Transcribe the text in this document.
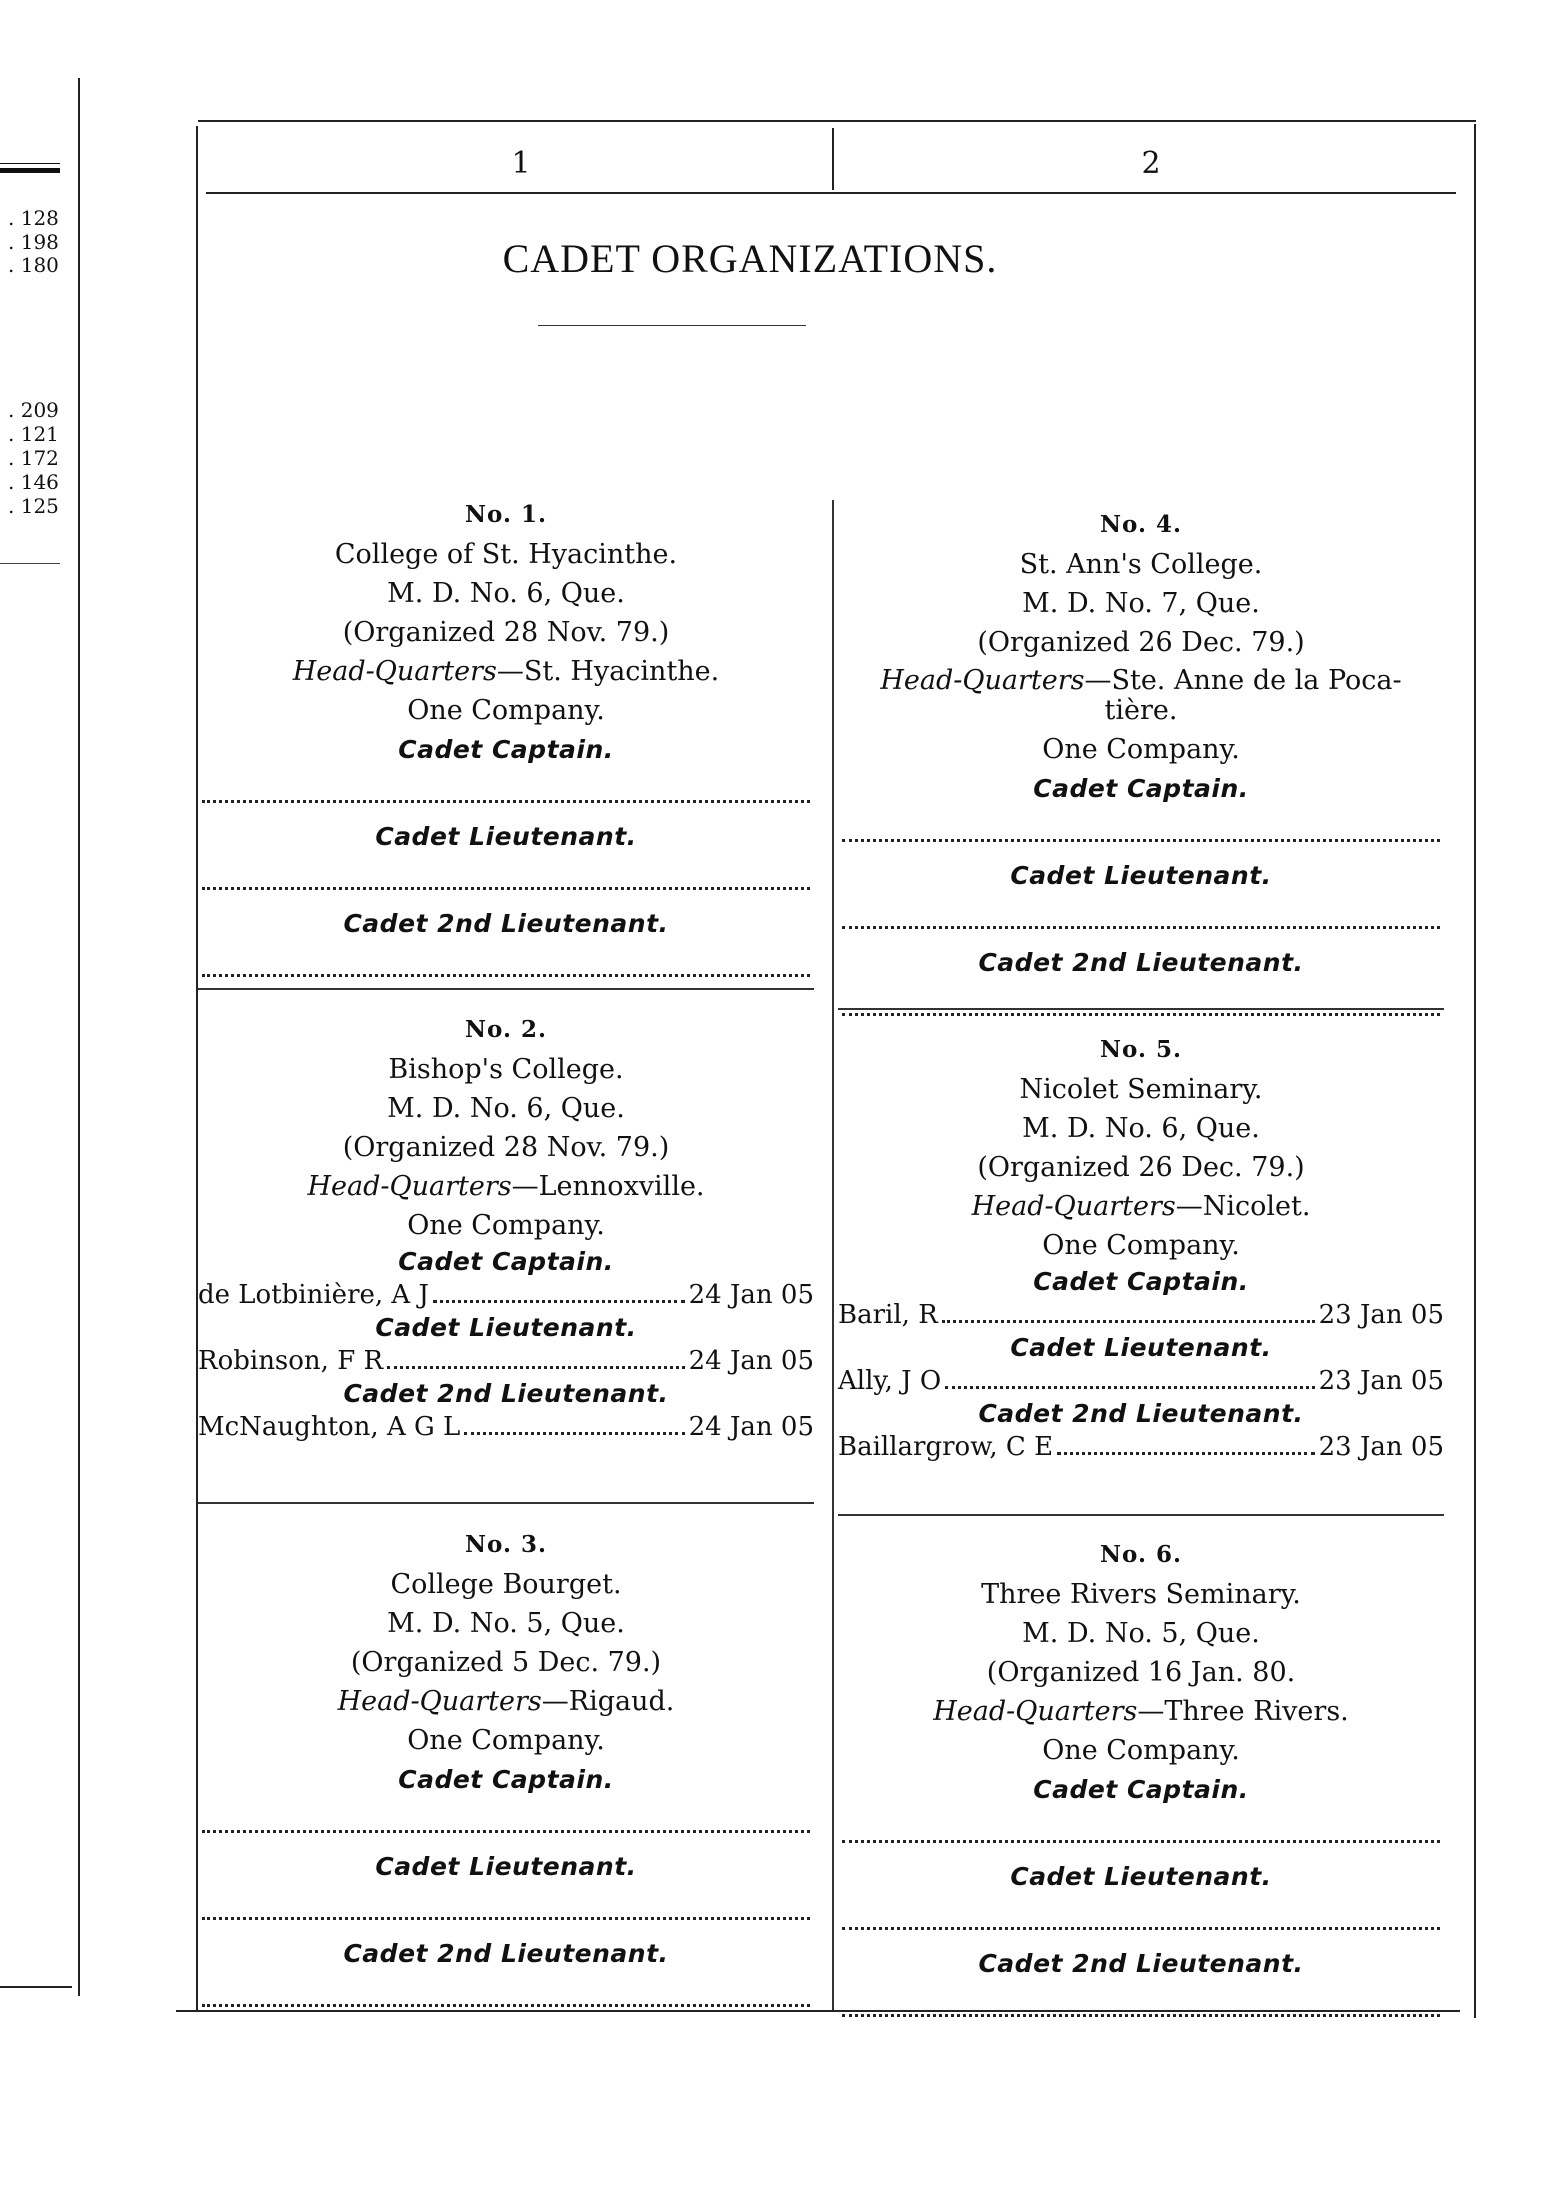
. 128
. 198
. 180
. 209
. 121
. 172
. 146
. 125
1	2
CADET ORGANIZATIONS.
No. 1.
College of St. Hyacinthe.
M. D. No. 6, Que.
(Organized 28 Nov. 79.)
Head-Quarters—St. Hyacinthe.
One Company.
Cadet Captain.
Cadet Lieutenant.
Cadet 2nd Lieutenant.
No. 2.
Bishop's College.
M. D. No. 6, Que.
(Organized 28 Nov. 79.)
Head-Quarters—Lennoxville.
One Company.
Cadet Captain.
de Lotbinière, A J	24 Jan 05
Cadet Lieutenant.
Robinson, F R	24 Jan 05
Cadet 2nd Lieutenant.
McNaughton, A G L	24 Jan 05
No. 3.
College Bourget.
M. D. No. 5, Que.
(Organized 5 Dec. 79.)
Head-Quarters—Rigaud.
One Company.
Cadet Captain.
Cadet Lieutenant.
Cadet 2nd Lieutenant.
No. 4.
St. Ann's College.
M. D. No. 7, Que.
(Organized 26 Dec. 79.)
Head-Quarters—Ste. Anne de la Poca-
tière.
One Company.
Cadet Captain.
Cadet Lieutenant.
Cadet 2nd Lieutenant.
No. 5.
Nicolet Seminary.
M. D. No. 6, Que.
(Organized 26 Dec. 79.)
Head-Quarters—Nicolet.
One Company.
Cadet Captain.
Baril, R	23 Jan 05
Cadet Lieutenant.
Ally, J O	23 Jan 05
Cadet 2nd Lieutenant.
Baillargrow, C E	23 Jan 05
No. 6.
Three Rivers Seminary.
M. D. No. 5, Que.
(Organized 16 Jan. 80.
Head-Quarters—Three Rivers.
One Company.
Cadet Captain.
Cadet Lieutenant.
Cadet 2nd Lieutenant.
